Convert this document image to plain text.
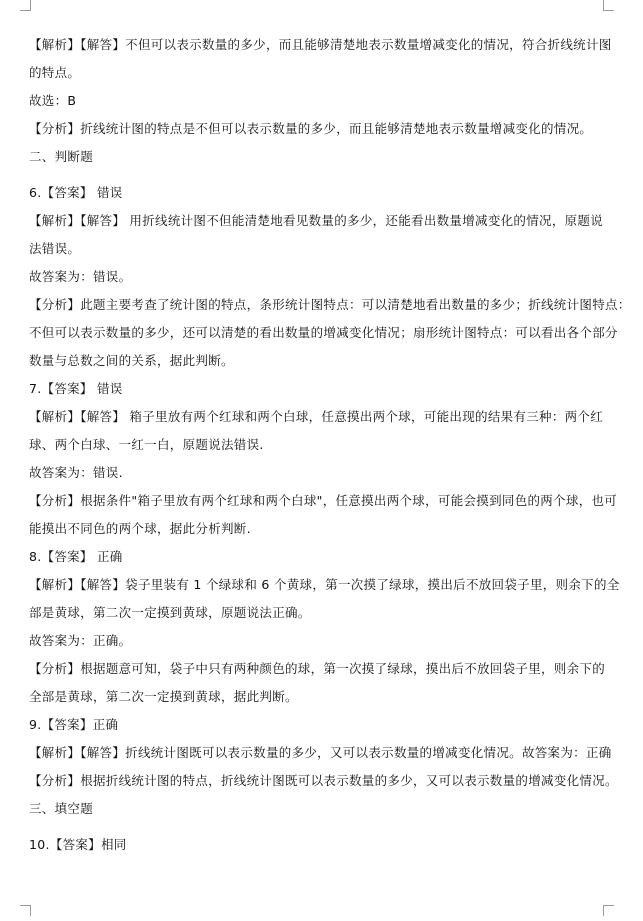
【解析】【解答】不但可以表示数量的多少，而且能够清楚地表示数量增减变化的情况，符合折线统计图
的特点。
故选：B
【分析】折线统计图的特点是不但可以表示数量的多少，而且能够清楚地表示数量增减变化的情况。
二、判断题
6.【答案】 错误
【解析】【解答】 用折线统计图不但能清楚地看见数量的多少，还能看出数量增减变化的情况，原题说
法错误。
故答案为：错误。
【分析】此题主要考查了统计图的特点，条形统计图特点：可以清楚地看出数量的多少；折线统计图特点：
不但可以表示数量的多少，还可以清楚的看出数量的增减变化情况；扇形统计图特点：可以看出各个部分
数量与总数之间的关系，据此判断。
7.【答案】 错误
【解析】【解答】 箱子里放有两个红球和两个白球，任意摸出两个球，可能出现的结果有三种：两个红
球、两个白球、一红一白，原题说法错误.
故答案为：错误.
【分析】根据条件"箱子里放有两个红球和两个白球"，任意摸出两个球，可能会摸到同色的两个球，也可
能摸出不同色的两个球，据此分析判断.
8.【答案】 正确
【解析】【解答】袋子里装有 1 个绿球和 6 个黄球，第一次摸了绿球，摸出后不放回袋子里，则余下的全
部是黄球，第二次一定摸到黄球，原题说法正确。
故答案为：正确。
【分析】根据题意可知，袋子中只有两种颜色的球，第一次摸了绿球，摸出后不放回袋子里，则余下的
全部是黄球，第二次一定摸到黄球，据此判断。
9.【答案】正确
【解析】【解答】折线统计图既可以表示数量的多少，又可以表示数量的增减变化情况。故答案为：正确
【分析】根据折线统计图的特点，折线统计图既可以表示数量的多少，又可以表示数量的增减变化情况。
三、填空题
10.【答案】相同
